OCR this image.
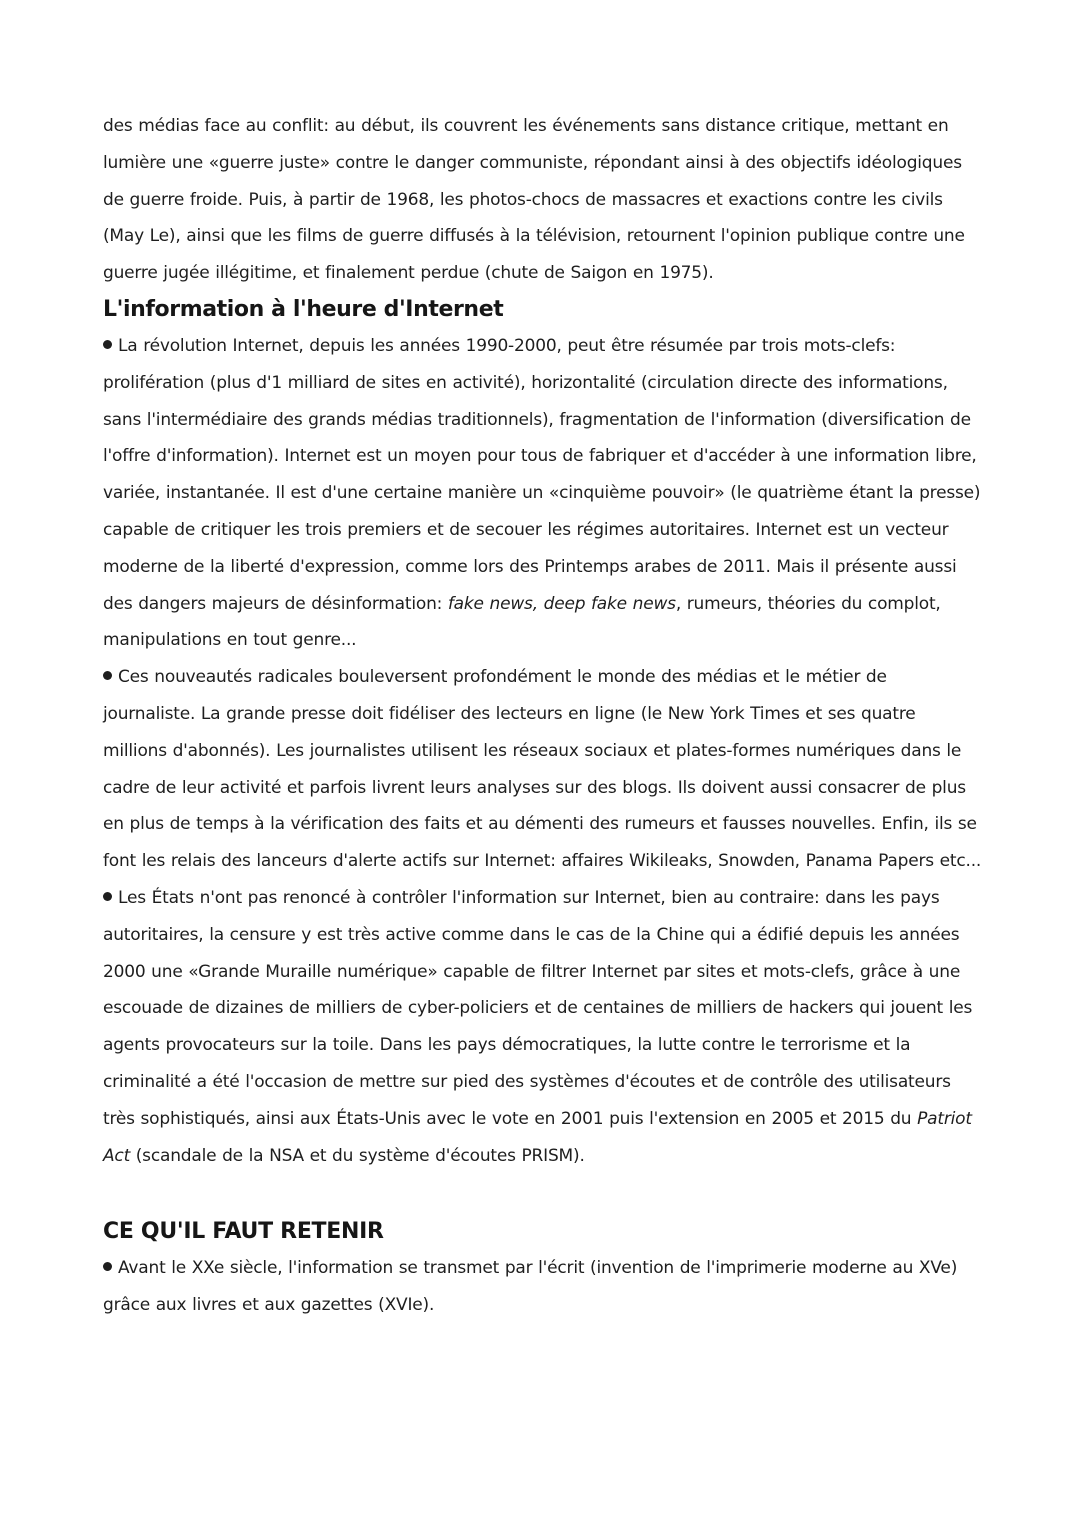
des médias face au conflit: au début, ils couvrent les événements sans distance critique, mettant en lumière une «guerre juste» contre le danger communiste, répondant ainsi à des objectifs idéologiques de guerre froide. Puis, à partir de 1968, les photos-chocs de massacres et exactions contre les civils (May Le), ainsi que les films de guerre diffusés à la télévision, retournent l'opinion publique contre une guerre jugée illégitime, et finalement perdue (chute de Saigon en 1975).

L'information à l'heure d'Internet

La révolution Internet, depuis les années 1990-2000, peut être résumée par trois mots-clefs: prolifération (plus d'1 milliard de sites en activité), horizontalité (circulation directe des informations, sans l'intermédiaire des grands médias traditionnels), fragmentation de l'information (diversification de l'offre d'information). Internet est un moyen pour tous de fabriquer et d'accéder à une information libre, variée, instantanée. Il est d'une certaine manière un «cinquième pouvoir» (le quatrième étant la presse) capable de critiquer les trois premiers et de secouer les régimes autoritaires. Internet est un vecteur moderne de la liberté d'expression, comme lors des Printemps arabes de 2011. Mais il présente aussi des dangers majeurs de désinformation: fake news, deep fake news, rumeurs, théories du complot, manipulations en tout genre...

Ces nouveautés radicales bouleversent profondément le monde des médias et le métier de journaliste. La grande presse doit fidéliser des lecteurs en ligne (le New York Times et ses quatre millions d'abonnés). Les journalistes utilisent les réseaux sociaux et plates-formes numériques dans le cadre de leur activité et parfois livrent leurs analyses sur des blogs. Ils doivent aussi consacrer de plus en plus de temps à la vérification des faits et au démenti des rumeurs et fausses nouvelles. Enfin, ils se font les relais des lanceurs d'alerte actifs sur Internet: affaires Wikileaks, Snowden, Panama Papers etc...

Les États n'ont pas renoncé à contrôler l'information sur Internet, bien au contraire: dans les pays autoritaires, la censure y est très active comme dans le cas de la Chine qui a édifié depuis les années 2000 une «Grande Muraille numérique» capable de filtrer Internet par sites et mots-clefs, grâce à une escouade de dizaines de milliers de cyber-policiers et de centaines de milliers de hackers qui jouent les agents provocateurs sur la toile. Dans les pays démocratiques, la lutte contre le terrorisme et la criminalité a été l'occasion de mettre sur pied des systèmes d'écoutes et de contrôle des utilisateurs très sophistiqués, ainsi aux États-Unis avec le vote en 2001 puis l'extension en 2005 et 2015 du Patriot Act (scandale de la NSA et du système d'écoutes PRISM).

CE QU'IL FAUT RETENIR

Avant le XXe siècle, l'information se transmet par l'écrit (invention de l'imprimerie moderne au XVe) grâce aux livres et aux gazettes (XVIe).
